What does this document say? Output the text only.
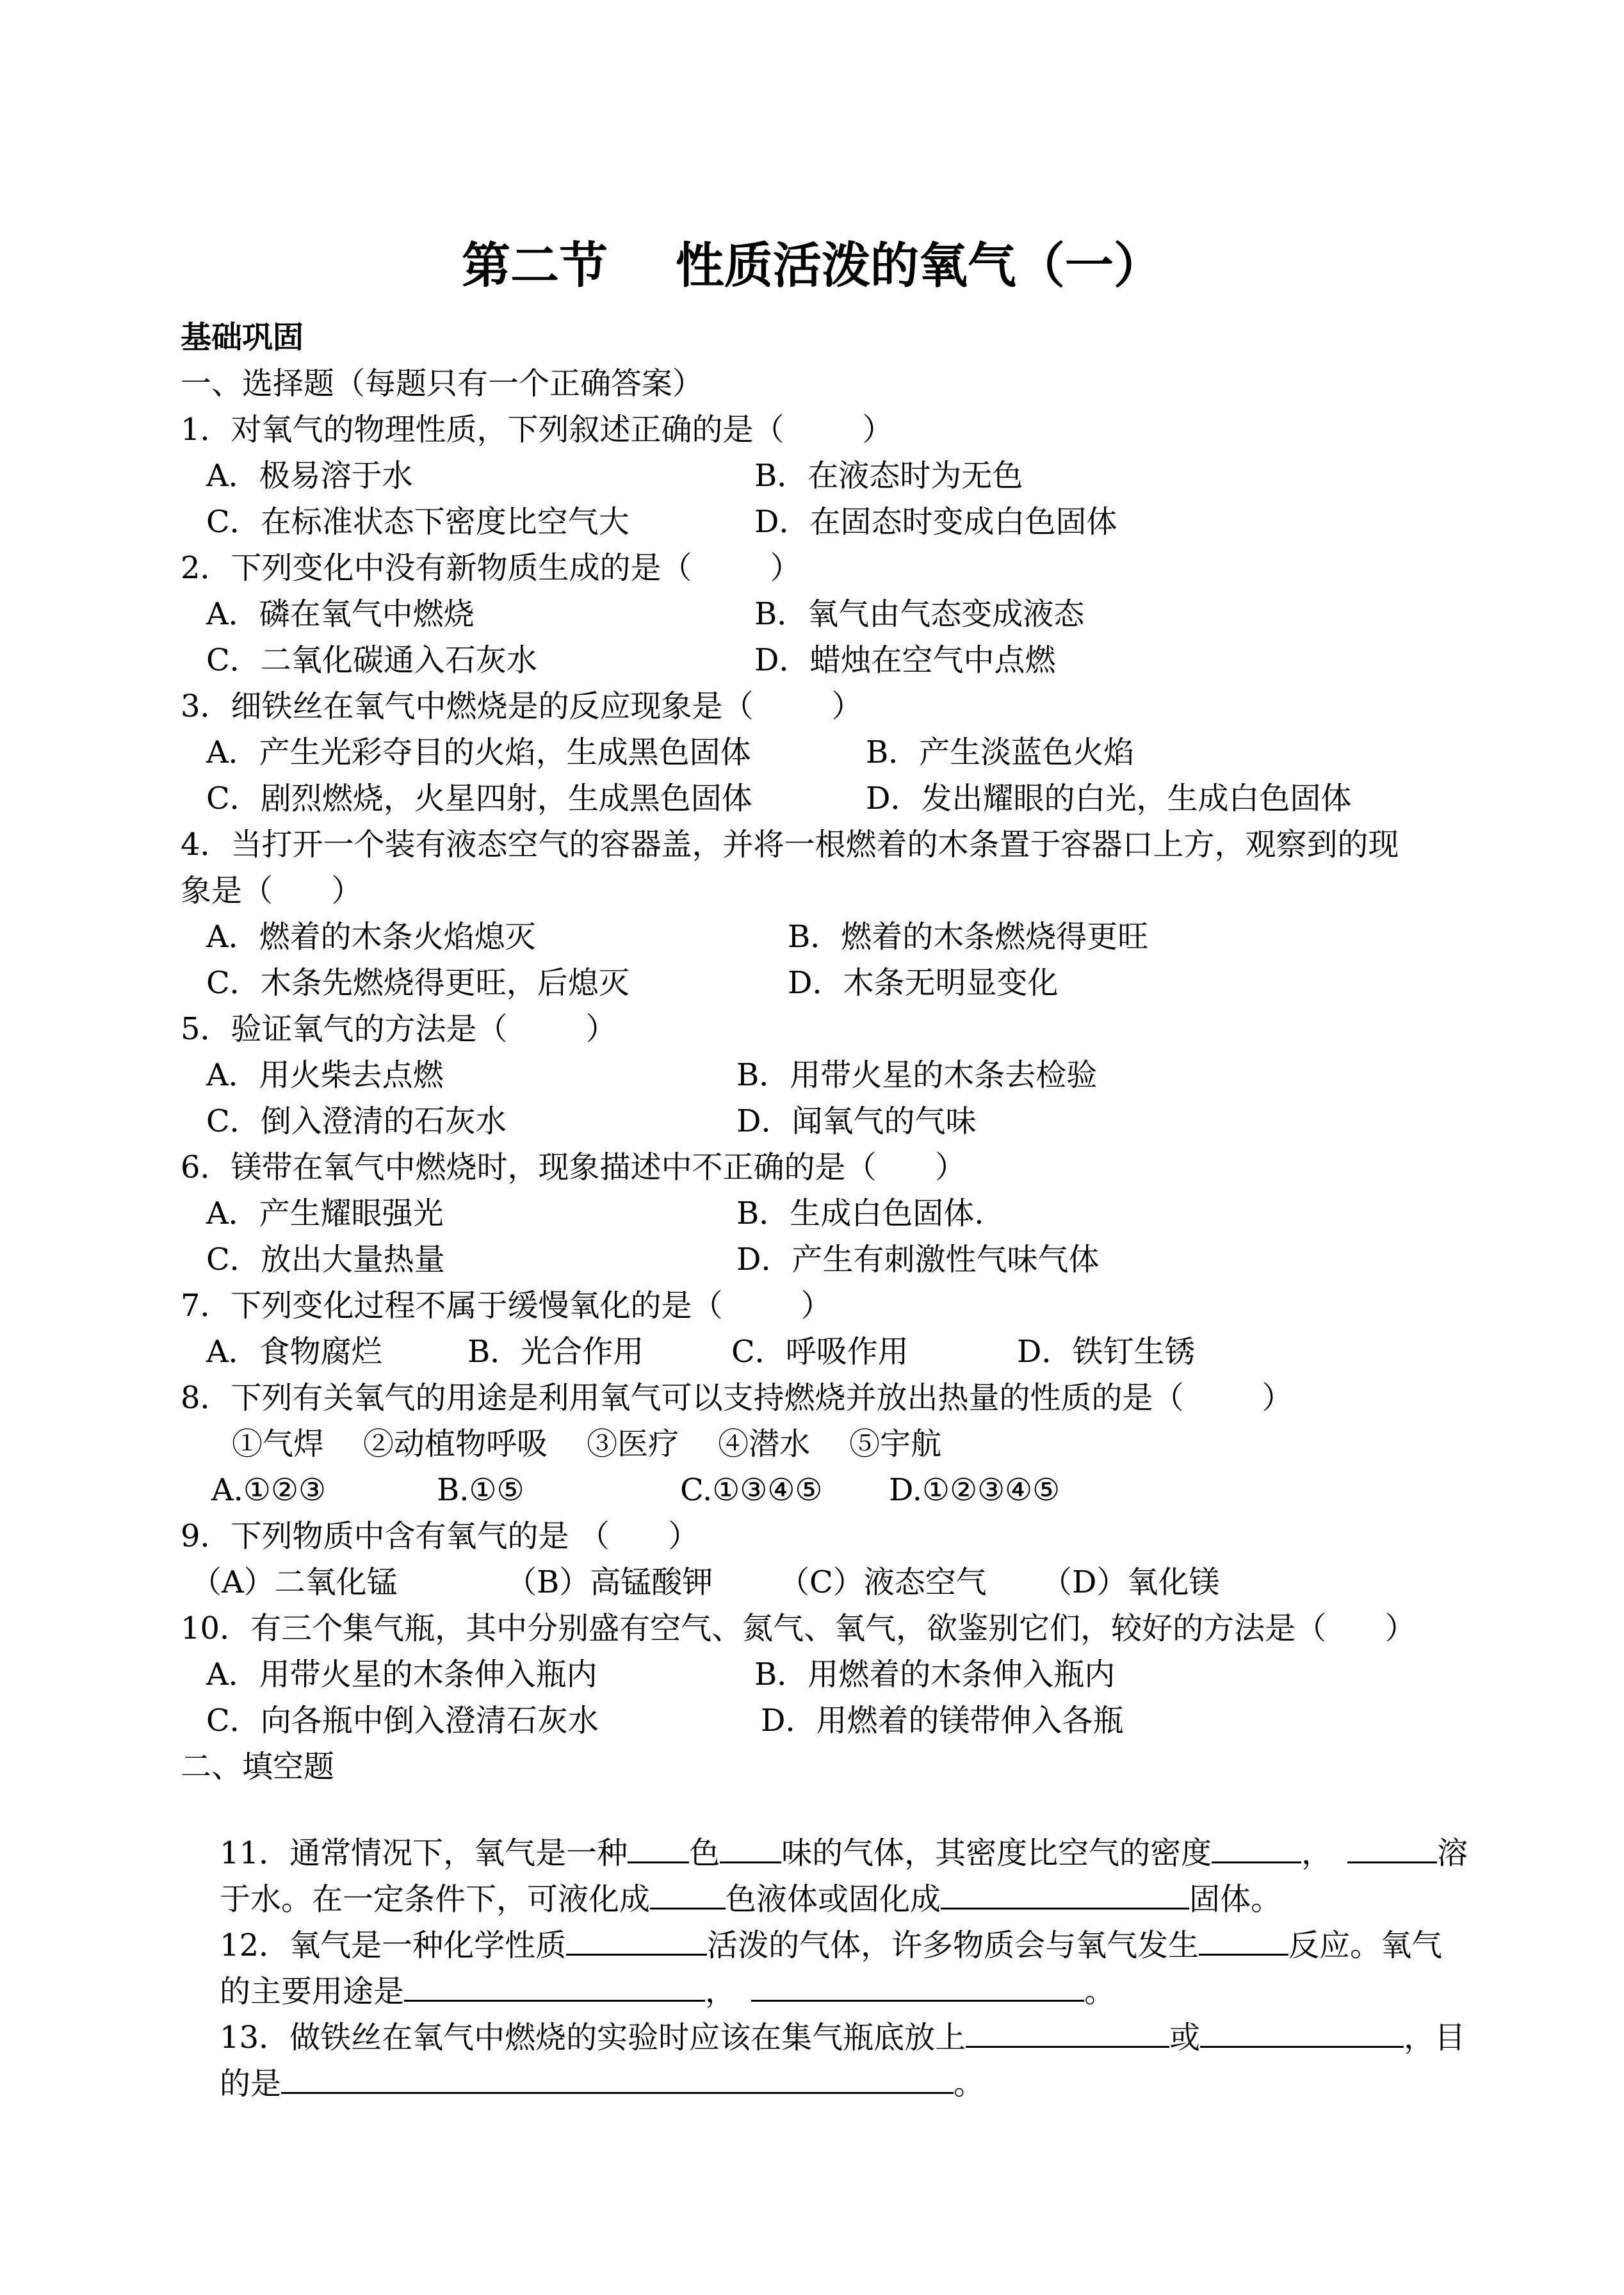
第二节    性质活泼的氧气（一）
基础巩固
一、选择题（每题只有一个正确答案）
1．对氧气的物理性质，下列叙述正确的是（        ）
A．极易溶于水	B．在液态时为无色
C．在标准状态下密度比空气大	D．在固态时变成白色固体
2．下列变化中没有新物质生成的是（        ）
A．磷在氧气中燃烧	B．氧气由气态变成液态
C．二氧化碳通入石灰水	D．蜡烛在空气中点燃
3．细铁丝在氧气中燃烧是的反应现象是（        ）
A．产生光彩夺目的火焰，生成黑色固体	B．产生淡蓝色火焰
C．剧烈燃烧，火星四射，生成黑色固体	D．发出耀眼的白光，生成白色固体
4．当打开一个装有液态空气的容器盖，并将一根燃着的木条置于容器口上方，观察到的现
象是（      ）
A．燃着的木条火焰熄灭	B．燃着的木条燃烧得更旺
C．木条先燃烧得更旺，后熄灭	D．木条无明显变化
5．验证氧气的方法是（        ）
A．用火柴去点燃	B．用带火星的木条去检验
C．倒入澄清的石灰水	D．闻氧气的气味
6．镁带在氧气中燃烧时，现象描述中不正确的是（      ）
A．产生耀眼强光	B．生成白色固体.
C．放出大量热量	D．产生有刺激性气味气体
7．下列变化过程不属于缓慢氧化的是（        ）
A．食物腐烂	B．光合作用	C．呼吸作用	D．铁钉生锈
8．下列有关氧气的用途是利用氧气可以支持燃烧并放出热量的性质的是（        ）
①气焊    ②动植物呼吸    ③医疗    ④潜水    ⑤宇航
A.①②③	B.①⑤	C.①③④⑤ D.①②③④⑤
9．下列物质中含有氧气的是 （      ）
（A）二氧化锰	（B）高锰酸钾 （C）液态空气 （D）氧化镁
10．有三个集气瓶，其中分别盛有空气、氮气、氧气，欲鉴别它们，较好的方法是（      ）
A．用带火星的木条伸入瓶内	B．用燃着的木条伸入瓶内
C．向各瓶中倒入澄清石灰水	D．用燃着的镁带伸入各瓶
二、填空题

11．通常情况下，氧气是一种 色 味的气体，其密度比空气的密度	，	溶

于水。在一定条件下，可液化成 色液体或固化成	固体。

12．氧气是一种化学性质	活泼的气体，许多物质会与氧气发生	反应。氧气

的主要用途是	，	。

13．做铁丝在氧气中燃烧的实验时应该在集气瓶底放上	或	，目

的是	。
